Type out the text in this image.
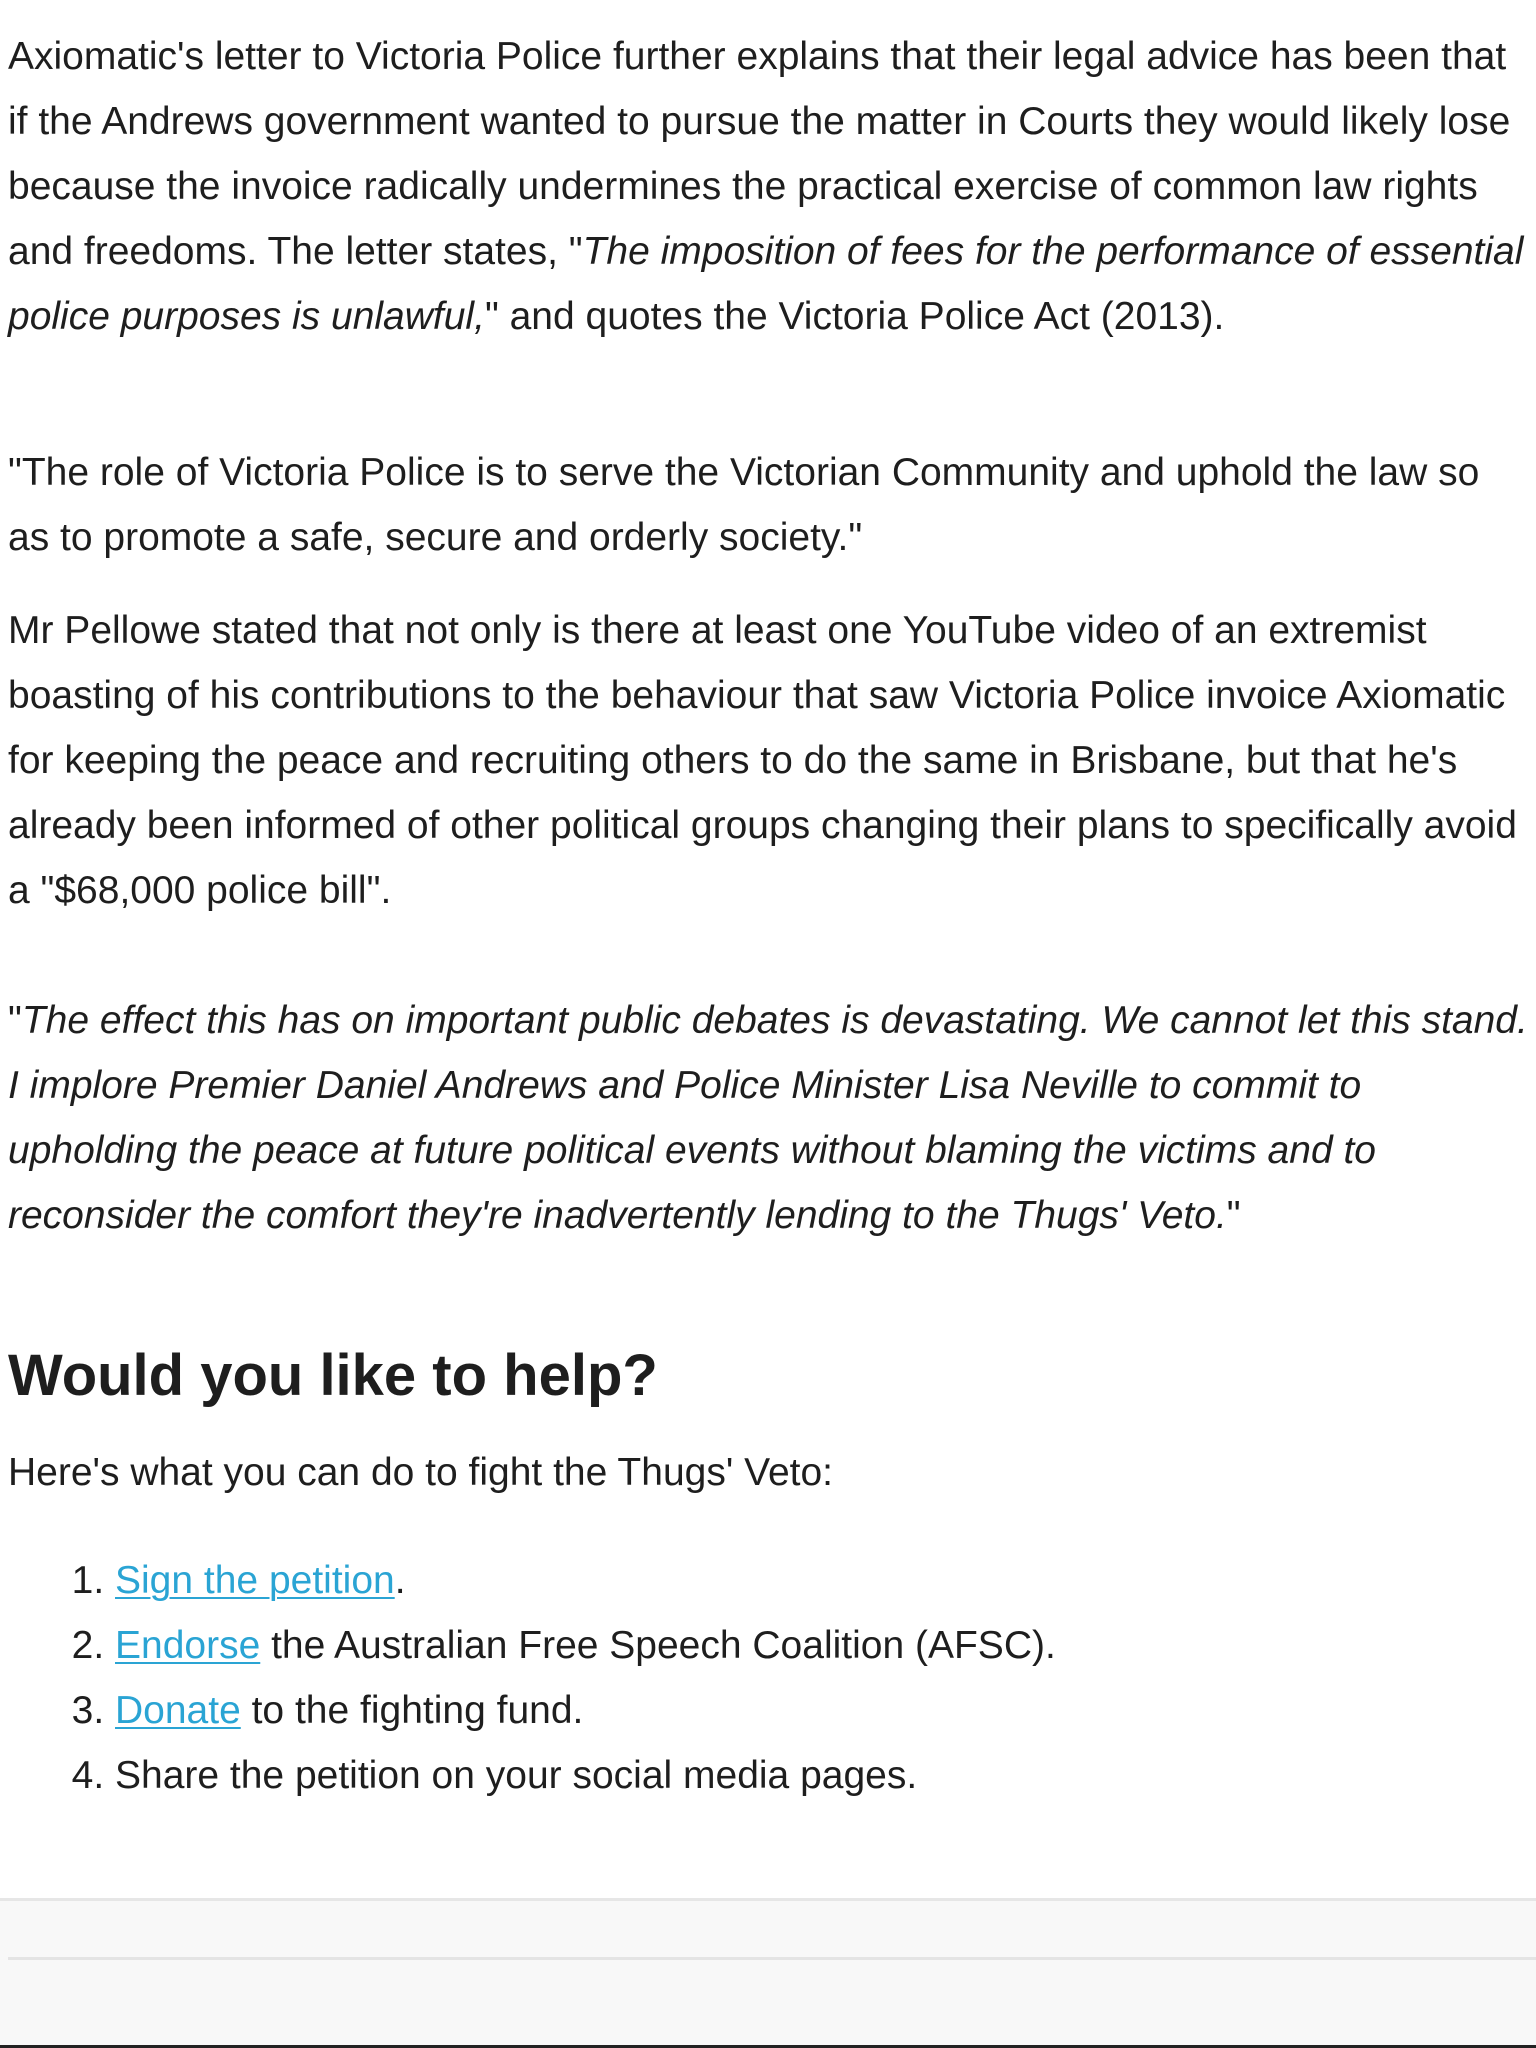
Axiomatic's letter to Victoria Police further explains that their legal advice has been that if the Andrews government wanted to pursue the matter in Courts they would likely lose because the invoice radically undermines the practical exercise of common law rights and freedoms. The letter states, "The imposition of fees for the performance of essential police purposes is unlawful," and quotes the Victoria Police Act (2013).

"The role of Victoria Police is to serve the Victorian Community and uphold the law so as to promote a safe, secure and orderly society."

Mr Pellowe stated that not only is there at least one YouTube video of an extremist boasting of his contributions to the behaviour that saw Victoria Police invoice Axiomatic for keeping the peace and recruiting others to do the same in Brisbane, but that he's already been informed of other political groups changing their plans to specifically avoid a "$68,000 police bill".

"The effect this has on important public debates is devastating. We cannot let this stand. I implore Premier Daniel Andrews and Police Minister Lisa Neville to commit to upholding the peace at future political events without blaming the victims and to reconsider the comfort they're inadvertently lending to the Thugs' Veto."

Would you like to help?

Here's what you can do to fight the Thugs' Veto:

1. Sign the petition.
2. Endorse the Australian Free Speech Coalition (AFSC).
3. Donate to the fighting fund.
4. Share the petition on your social media pages.
